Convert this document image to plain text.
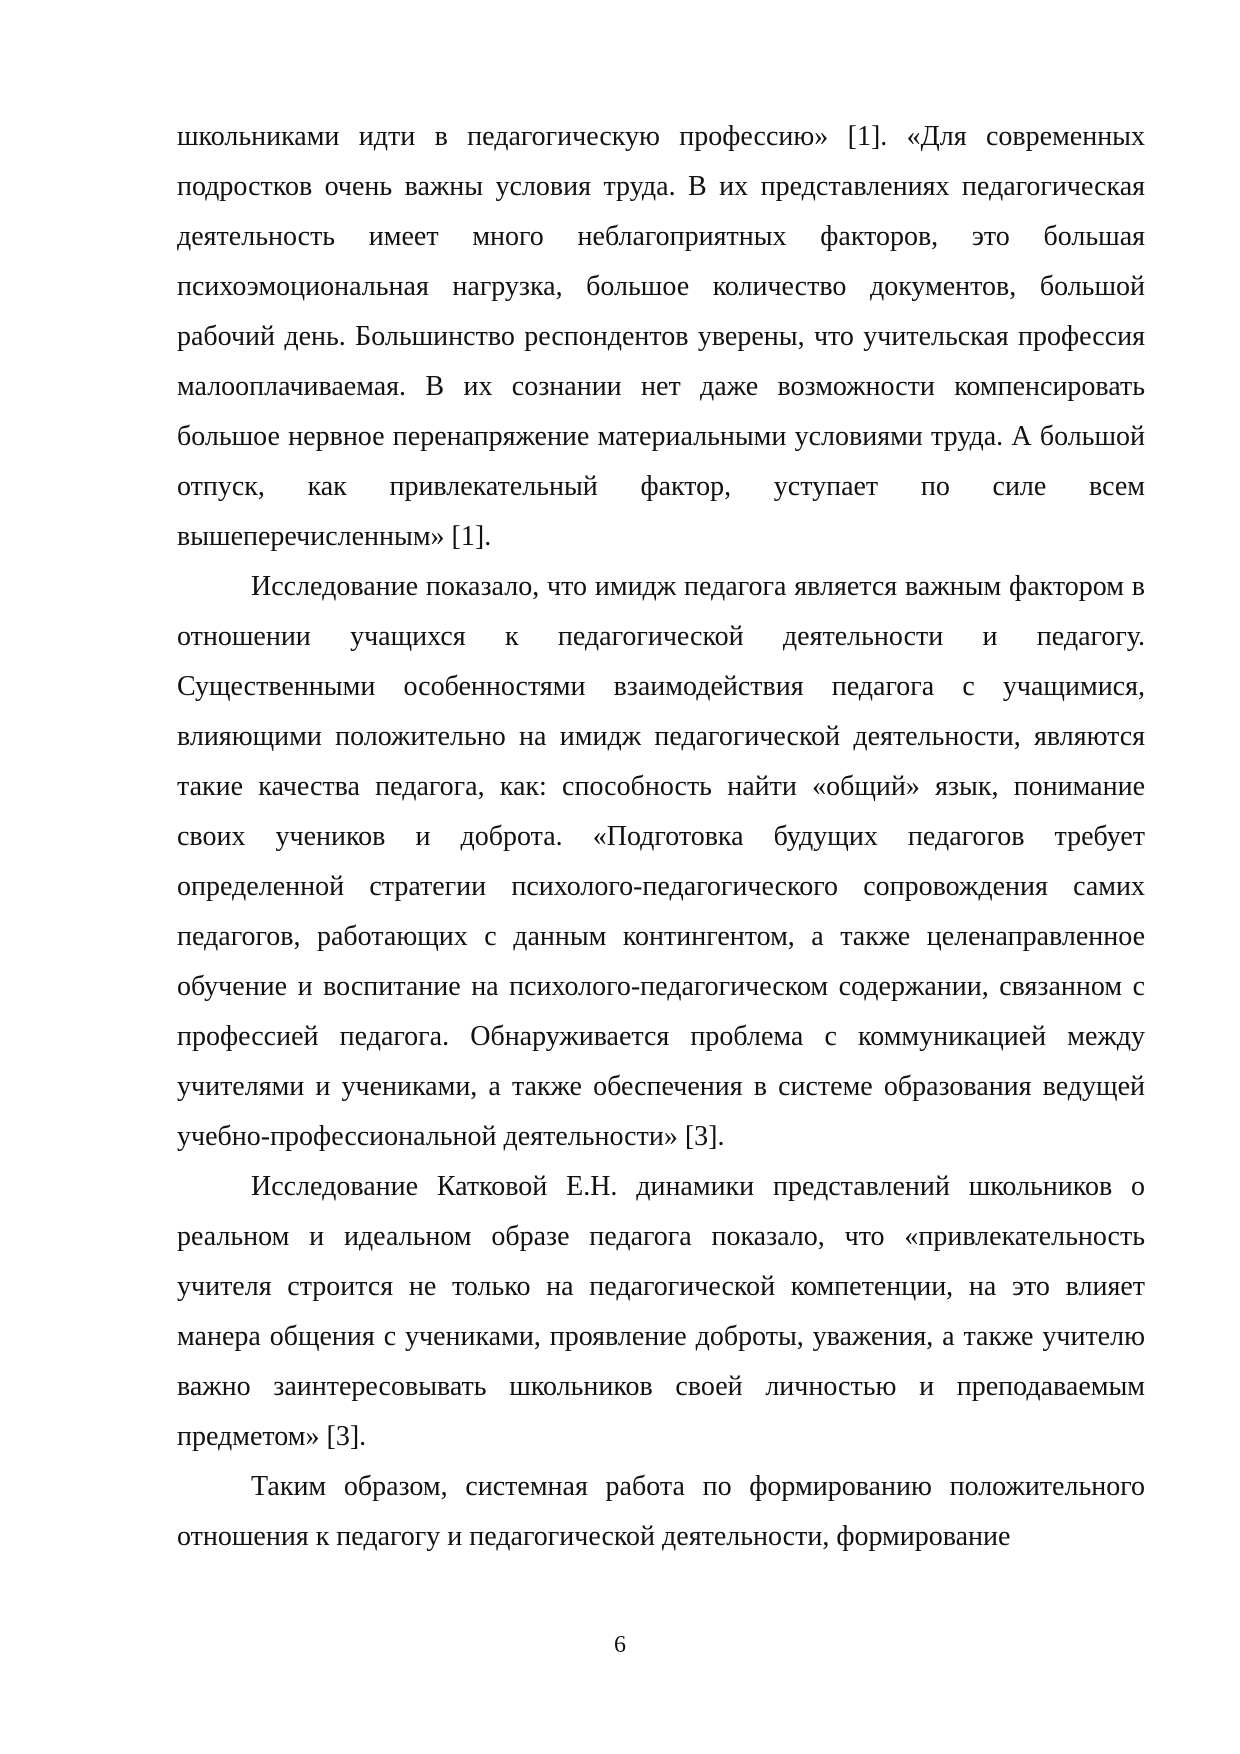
школьниками идти в педагогическую профессию» [1]. «Для современных подростков очень важны условия труда. В их представлениях педагогическая деятельность имеет много неблагоприятных факторов, это большая психоэмоциональная нагрузка, большое количество документов, большой рабочий день. Большинство респондентов уверены, что учительская профессия малооплачиваемая. В их сознании нет даже возможности компенсировать большое нервное перенапряжение материальными условиями труда. А большой отпуск, как привлекательный фактор, уступает по силе всем вышеперечисленным» [1].

Исследование показало, что имидж педагога является важным фактором в отношении учащихся к педагогической деятельности и педагогу. Существенными особенностями взаимодействия педагога с учащимися, влияющими положительно на имидж педагогической деятельности, являются такие качества педагога, как: способность найти «общий» язык, понимание своих учеников и доброта. «Подготовка будущих педагогов требует определенной стратегии психолого-педагогического сопровождения самих педагогов, работающих с данным контингентом, а также целенаправленное обучение и воспитание на психолого-педагогическом содержании, связанном с профессией педагога. Обнаруживается проблема с коммуникацией между учителями и учениками, а также обеспечения в системе образования ведущей учебно-профессиональной деятельности» [3].

Исследование Катковой Е.Н. динамики представлений школьников о реальном и идеальном образе педагога показало, что «привлекательность учителя строится не только на педагогической компетенции, на это влияет манера общения с учениками, проявление доброты, уважения, а также учителю важно заинтересовывать школьников своей личностью и преподаваемым предметом» [3].

Таким образом, системная работа по формированию положительного отношения к педагогу и педагогической деятельности, формирование

6
